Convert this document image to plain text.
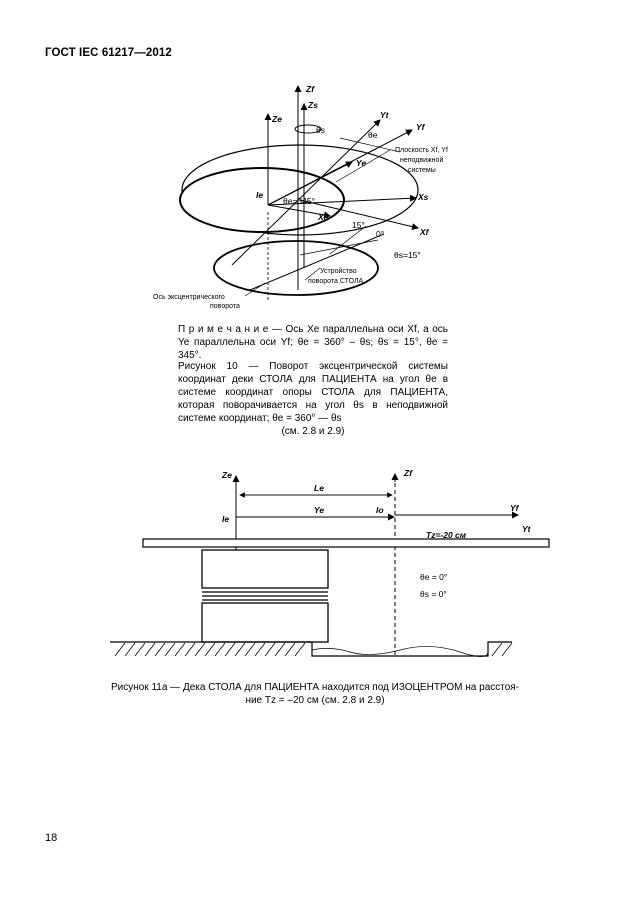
ГОСТ IEC 61217—2012
Zf
Zs
Ze
θs	θe
Yt
Yf
Ye
Xs
Xf
Xe
Ie
θe=345°
15°
0°
θs=15°
Плоскость Xf, Yf
неподвижной
системы
Устройство
поворота СТОЛА
Ось эксцентрического
поворота
П р и м е ч а н и е — Ось Xe параллельна оси Xf, а ось Ye параллельна оси Yf; θe = 360° – θs; θs = 15°, θe = 345°.
Рисунок 10 — Поворот эксцентрической системы координат деки СТОЛА для ПАЦИЕНТА на угол θe в системе координат опоры СТОЛА для ПАЦИЕНТА, которая поворачивается на угол θs в неподвижной системе координат; θe = 360° — θs
(см. 2.8 и 2.9)
Ze	Zf
Le
Yf
Ie
Ye	Io
Tz=-20 см
Yt
θe = 0°
θs = 0°
Рисунок 11a — Дека СТОЛА для ПАЦИЕНТА находится под ИЗОЦЕНТРОМ на расстоя-ние Tz = –20 см (см. 2.8 и 2.9)
18
